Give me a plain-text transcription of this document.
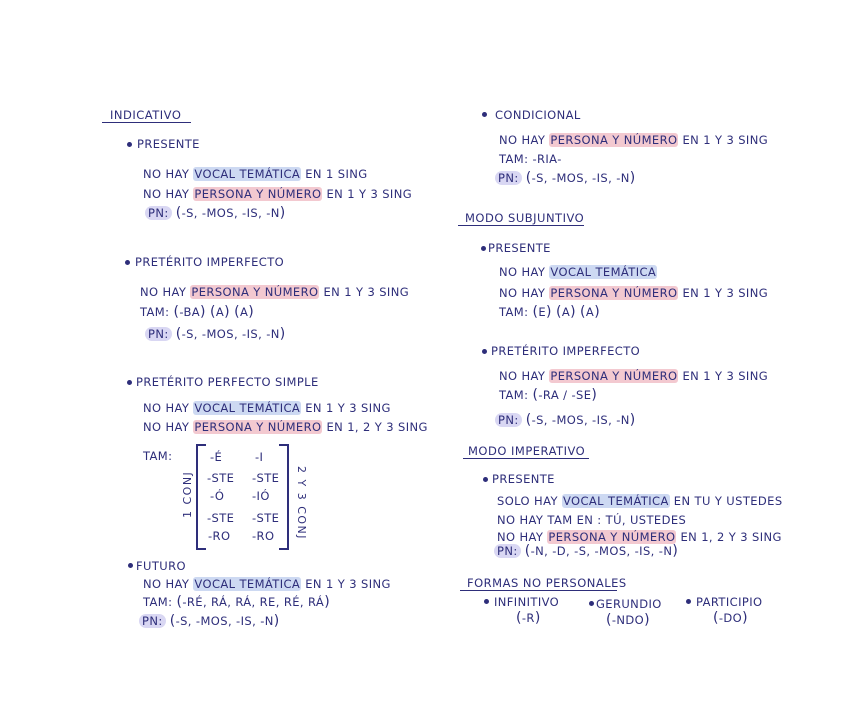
INDICATIVO
PRESENTE
NO HAY VOCAL TEMÁTICA EN 1 SING
NO HAY PERSONA Y NÚMERO EN 1 Y 3 SING
PN: (-S, -MOS, -IS, -N)
PRETÉRITO IMPERFECTO
NO HAY PERSONA Y NÚMERO EN 1 Y 3 SING
TAM: (-BA) (A) (A)
PN: (-S, -MOS, -IS, -N)
PRETÉRITO PERFECTO SIMPLE
NO HAY VOCAL TEMÁTICA EN 1 Y 3 SING
NO HAY PERSONA Y NÚMERO EN 1, 2 Y 3 SING
TAM:
1 CONJ	2 Y 3 CONJ
-É
-STE
-Ó
-STE
-RO
-I
-STE
-IÓ
-STE
-RO
FUTURO
NO HAY VOCAL TEMÁTICA EN 1 Y 3 SING
TAM: (-RÉ, RÁ, RÁ, RE, RÉ, RÁ)
PN: (-S, -MOS, -IS, -N)
CONDICIONAL
NO HAY PERSONA Y NÚMERO EN 1 Y 3 SING
TAM: -RIA-
PN: (-S, -MOS, -IS, -N)
MODO SUBJUNTIVO
PRESENTE
NO HAY VOCAL TEMÁTICA
NO HAY PERSONA Y NÚMERO EN 1 Y 3 SING
TAM: (E) (A) (A)
PRETÉRITO IMPERFECTO
NO HAY PERSONA Y NÚMERO EN 1 Y 3 SING
TAM: (-RA / -SE)
PN: (-S, -MOS, -IS, -N)
MODO IMPERATIVO
PRESENTE
SOLO HAY VOCAL TEMÁTICA EN TU Y USTEDES
NO HAY TAM EN : TÚ, USTEDES
NO HAY PERSONA Y NÚMERO EN 1, 2 Y 3 SING
PN: (-N, -D, -S, -MOS, -IS, -N)
FORMAS NO PERSONALES
INFINITIVO
(-R)
GERUNDIO
(-NDO)
PARTICIPIO
(-DO)
